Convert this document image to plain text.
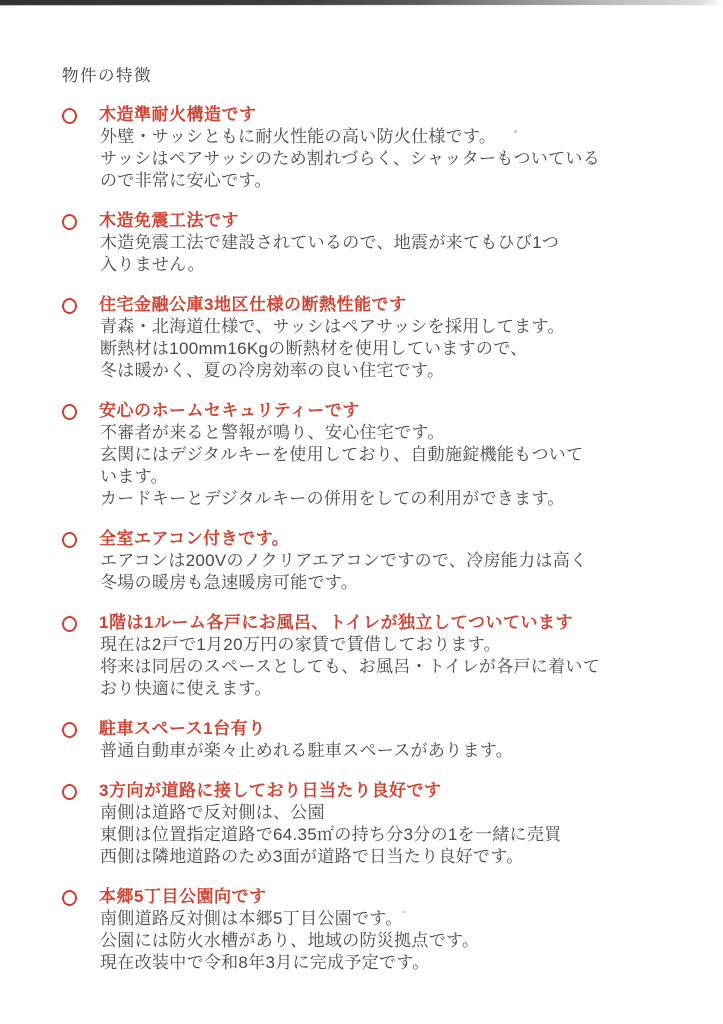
物件の特徴
木造準耐火構造です

外壁・サッシともに耐火性能の高い防火仕様です。

サッシはペアサッシのため割れづらく、シャッターもついている

ので非常に安心です。

木造免震工法です

木造免震工法で建設されているので、地震が来てもひび1つ

入りません。

住宅金融公庫3地区仕様の断熱性能です

青森・北海道仕様で、サッシはペアサッシを採用してます。

断熱材は100mm16Kgの断熱材を使用していますので、

冬は暖かく、夏の冷房効率の良い住宅です。

安心のホームセキュリティーです

不審者が来ると警報が鳴り、安心住宅です。

玄関にはデジタルキーを使用しており、自動施錠機能もついて

います。

カードキーとデジタルキーの併用をしての利用ができます。

全室エアコン付きです。

エアコンは200Vのノクリアエアコンですので、冷房能力は高く

冬場の暖房も急速暖房可能です。

1階は1ルーム各戸にお風呂、トイレが独立してついています

現在は2戸で1月20万円の家賃で賃借しております。

将来は同居のスペースとしても、お風呂・トイレが各戸に着いて

おり快適に使えます。

駐車スペース1台有り

普通自動車が楽々止めれる駐車スペースがあります。

3方向が道路に接しており日当たり良好です

南側は道路で反対側は、公園

東側は位置指定道路で64.35㎡の持ち分3分の1を一緒に売買

西側は隣地道路のため3面が道路で日当たり良好です。

本郷5丁目公園向です

南側道路反対側は本郷5丁目公園です。

公園には防火水槽があり、地域の防災拠点です。

現在改装中で令和8年3月に完成予定です。
